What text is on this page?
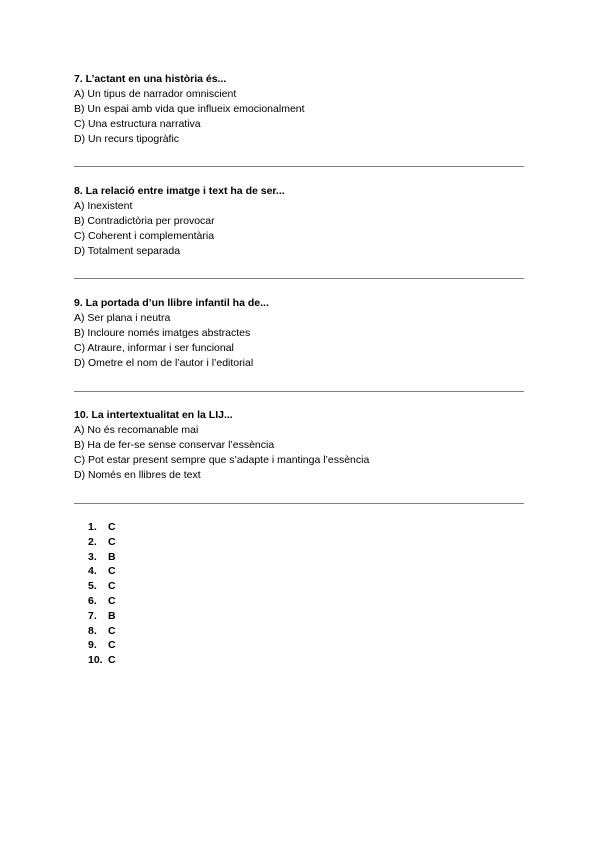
7. L’actant en una història és...
A) Un tipus de narrador omniscient
B) Un espai amb vida que influeix emocionalment
C) Una estructura narrativa
D) Un recurs tipogràfic
8. La relació entre imatge i text ha de ser...
A) Inexistent
B) Contradictòria per provocar
C) Coherent i complementària
D) Totalment separada
9. La portada d’un llibre infantil ha de...
A) Ser plana i neutra
B) Incloure només imatges abstractes
C) Atraure, informar i ser funcional
D) Ometre el nom de l’autor i l’editorial
10. La intertextualitat en la LIJ...
A) No és recomanable mai
B) Ha de fer-se sense conservar l’essència
C) Pot estar present sempre que s’adapte i mantinga l’essència
D) Només en llibres de text
1. C
2. C
3. B
4. C
5. C
6. C
7. B
8. C
9. C
10. C
